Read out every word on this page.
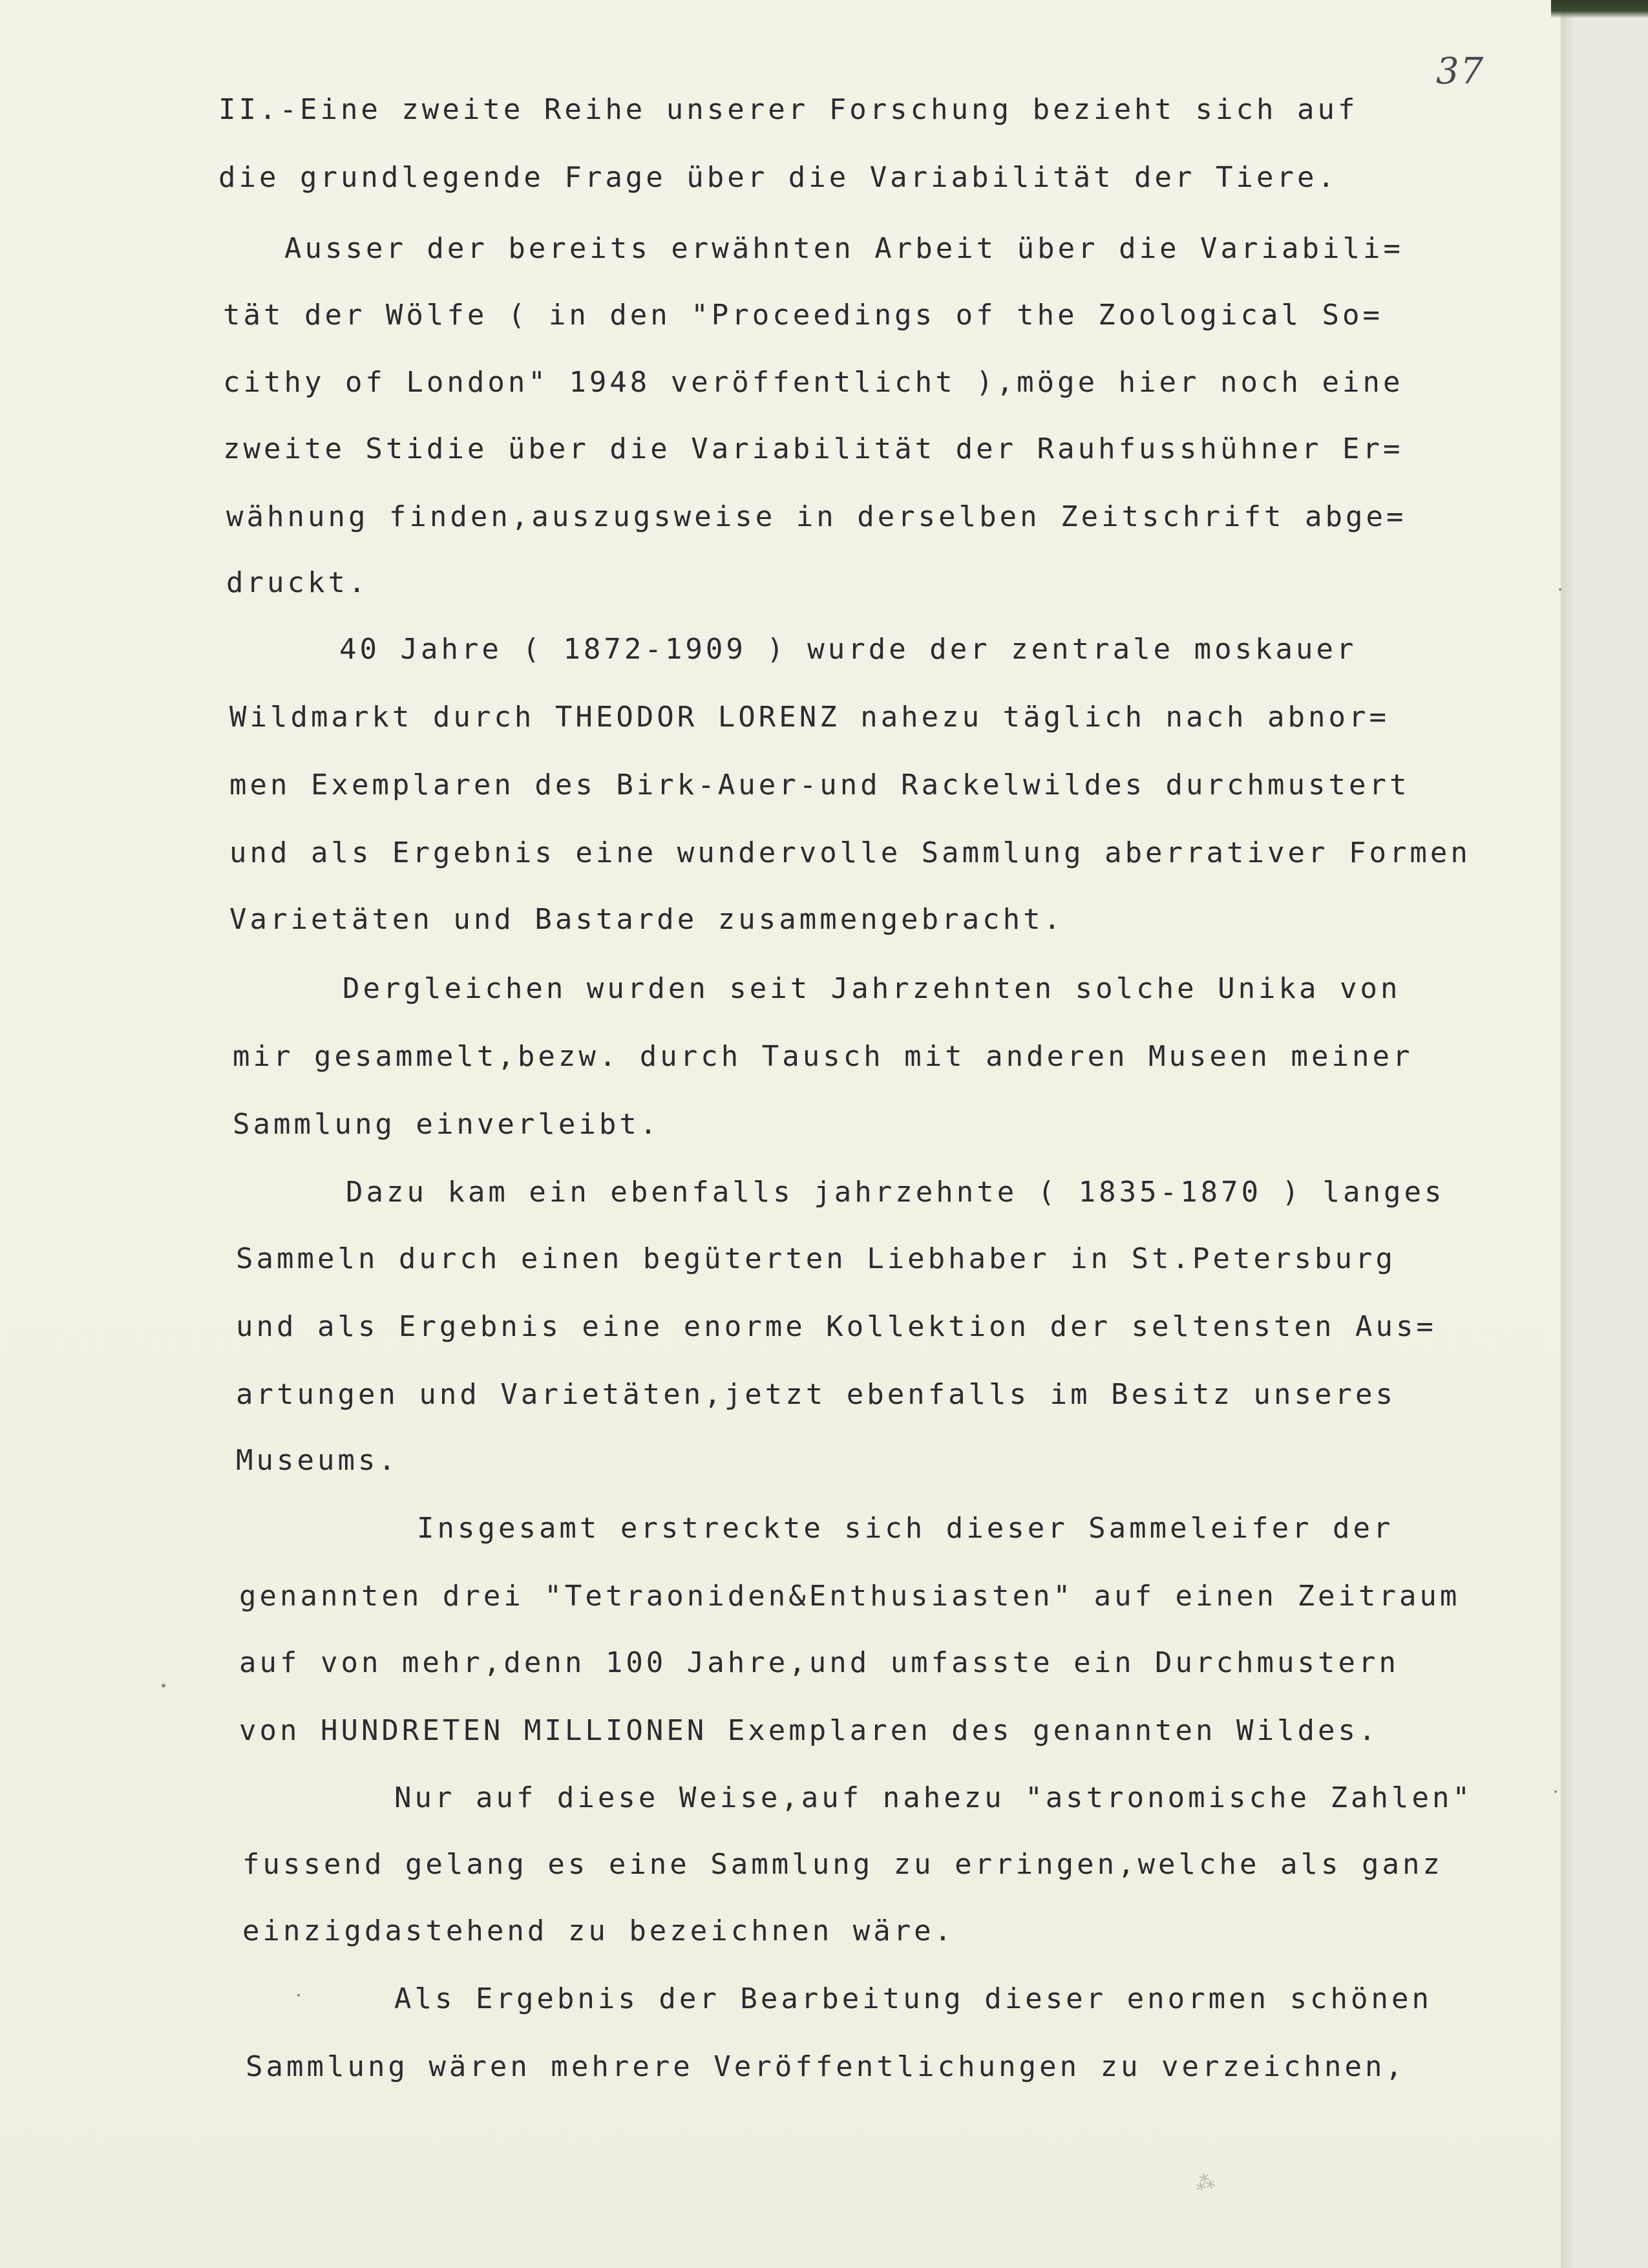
37
II.-Eine zweite Reihe unserer Forschung bezieht sich auf
die grundlegende Frage über die Variabilität der Tiere.
Ausser der bereits erwähnten Arbeit über die Variabili=
tät der Wölfe ( in den "Proceedings of the Zoological So=
cithy of London" 1948 veröffentlicht ),möge hier noch eine
zweite Stidie über die Variabilität der Rauhfusshühner Er=
wähnung finden,auszugsweise in derselben Zeitschrift abge=
druckt.
40 Jahre ( 1872-1909 ) wurde der zentrale moskauer
Wildmarkt durch THEODOR LORENZ nahezu täglich nach abnor=
men Exemplaren des Birk-Auer-und Rackelwildes durchmustert
und als Ergebnis eine wundervolle Sammlung aberrativer Formen
Varietäten und Bastarde zusammengebracht.
Dergleichen wurden seit Jahrzehnten solche Unika von
mir gesammelt,bezw. durch Tausch mit anderen Museen meiner
Sammlung einverleibt.
Dazu kam ein ebenfalls jahrzehnte ( 1835-1870 ) langes
Sammeln durch einen begüterten Liebhaber in St.Petersburg
und als Ergebnis eine enorme Kollektion der seltensten Aus=
artungen und Varietäten,jetzt ebenfalls im Besitz unseres
Museums.
Insgesamt erstreckte sich dieser Sammeleifer der
genannten drei "Tetraoniden&Enthusiasten" auf einen Zeitraum
auf von mehr,denn 100 Jahre,und umfasste ein Durchmustern
von HUNDRETEN MILLIONEN Exemplaren des genannten Wildes.
Nur auf diese Weise,auf nahezu "astronomische Zahlen"
fussend gelang es eine Sammlung zu erringen,welche als ganz
einzigdastehend zu bezeichnen wäre.
Als Ergebnis der Bearbeitung dieser enormen schönen
Sammlung wären mehrere Veröffentlichungen zu verzeichnen,
⁂
